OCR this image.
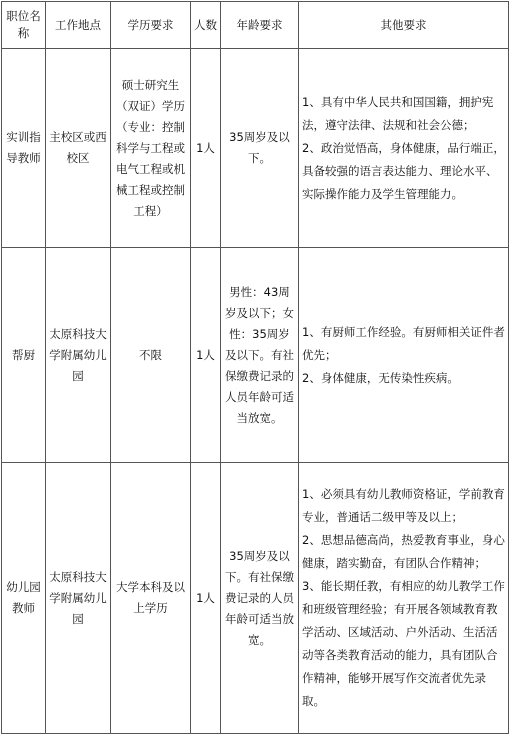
职位名称	工作地点	学历要求	人数	年龄要求	其他要求
实训指导教师	主校区或西校区	硕士研究生（双证）学历（专业：控制科学与工程或电气工程或机械工程或控制工程）	1人	35周岁及以下。	1、具有中华人民共和国国籍，拥护宪法，遵守法律、法规和社会公德；

2、政治觉悟高，身体健康，品行端正，具备较强的语言表达能力、理论水平、实际操作能力及学生管理能力。

帮厨	太原科技大学附属幼儿园	不限	1人	男性：43周岁及以下；女性：35周岁及以下。有社保缴费记录的人员年龄可适当放宽。	1、有厨师工作经验。有厨师相关证件者优先；

2、身体健康，无传染性疾病。

幼儿园教师	太原科技大学附属幼儿园	大学本科及以上学历	1人	35周岁及以下。有社保缴费记录的人员年龄可适当放宽。	1、必须具有幼儿教师资格证，学前教育专业，普通话二级甲等及以上；

2、思想品德高尚，热爱教育事业，身心健康，踏实勤奋，有团队合作精神；

3、能长期任教，有相应的幼儿教学工作和班级管理经验；有开展各领域教育教学活动、区域活动、户外活动、生活活动等各类教育活动的能力，具有团队合作精神，能够开展写作交流者优先录取。
